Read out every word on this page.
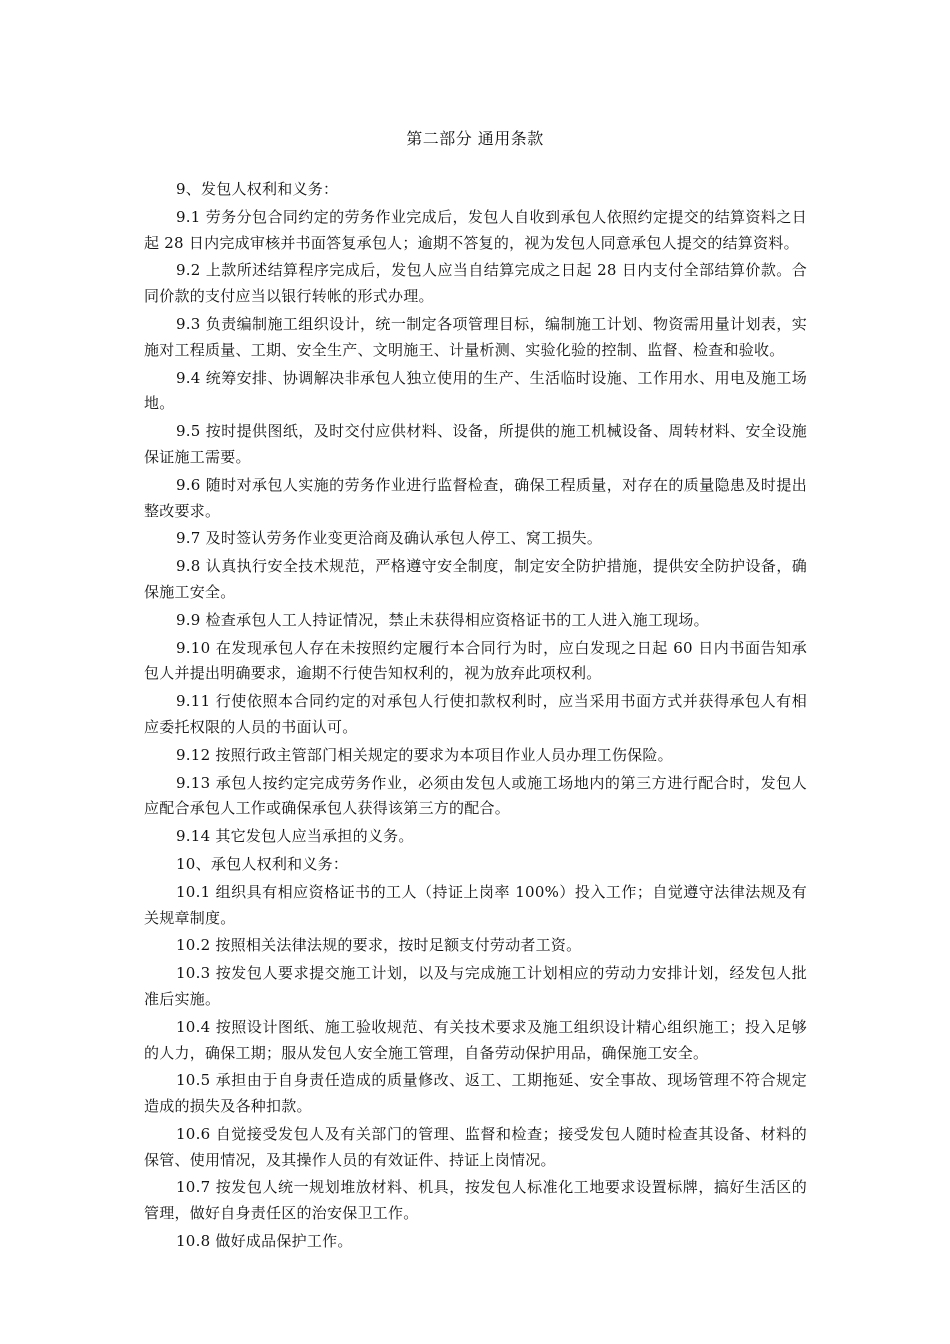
第二部分 通用条款

9、发包人权利和义务：

9.1 劳务分包合同约定的劳务作业完成后，发包人自收到承包人依照约定提交的结算资料之日起 28 日内完成审核并书面答复承包人；逾期不答复的，视为发包人同意承包人提交的结算资料。

9.2 上款所述结算程序完成后，发包人应当自结算完成之日起 28 日内支付全部结算价款。合同价款的支付应当以银行转帐的形式办理。

9.3 负责编制施工组织设计，统一制定各项管理目标，编制施工计划、物资需用量计划表，实施对工程质量、工期、安全生产、文明施王、计量析测、实验化验的控制、监督、检查和验收。

9.4 统筹安排、协调解决非承包人独立使用的生产、生活临时设施、工作用水、用电及施工场地。

9.5 按时提供图纸，及时交付应供材料、设备，所提供的施工机械设备、周转材料、安全设施保证施工需要。

9.6 随时对承包人实施的劳务作业进行监督检查，确保工程质量，对存在的质量隐患及时提出整改要求。

9.7 及时签认劳务作业变更洽商及确认承包人停工、窝工损失。

9.8 认真执行安全技术规范，严格遵守安全制度，制定安全防护措施，提供安全防护设备，确保施工安全。

9.9 检查承包人工人持证情况，禁止未获得相应资格证书的工人进入施工现场。

9.10 在发现承包人存在未按照约定履行本合同行为时，应白发现之日起 60 日内书面告知承包人并提出明确要求，逾期不行使告知权利的，视为放弃此项权利。

9.11 行使依照本合同约定的对承包人行使扣款权利时，应当采用书面方式并获得承包人有相应委托权限的人员的书面认可。

9.12 按照行政主管部门相关规定的要求为本项目作业人员办理工伤保险。

9.13 承包人按约定完成劳务作业，必须由发包人或施工场地内的第三方进行配合时，发包人应配合承包人工作或确保承包人获得该第三方的配合。

9.14 其它发包人应当承担的义务。

10、承包人权利和义务：

10.1 组织具有相应资格证书的工人（持证上岗率 100%）投入工作；自觉遵守法律法规及有关规章制度。

10.2 按照相关法律法规的要求，按时足额支付劳动者工资。

10.3 按发包人要求提交施工计划，以及与完成施工计划相应的劳动力安排计划，经发包人批准后实施。

10.4 按照设计图纸、施工验收规范、有关技术要求及施工组织设计精心组织施工；投入足够的人力，确保工期；服从发包人安全施工管理，自备劳动保护用品，确保施工安全。

10.5 承担由于自身责任造成的质量修改、返工、工期拖延、安全事故、现场管理不符合规定造成的损失及各种扣款。

10.6 自觉接受发包人及有关部门的管理、监督和检查；接受发包人随时检查其设备、材料的保管、使用情况，及其操作人员的有效证件、持证上岗情况。

10.7 按发包人统一规划堆放材料、机具，按发包人标准化工地要求设置标牌，搞好生活区的管理，做好自身责任区的治安保卫工作。

10.8 做好成品保护工作。
